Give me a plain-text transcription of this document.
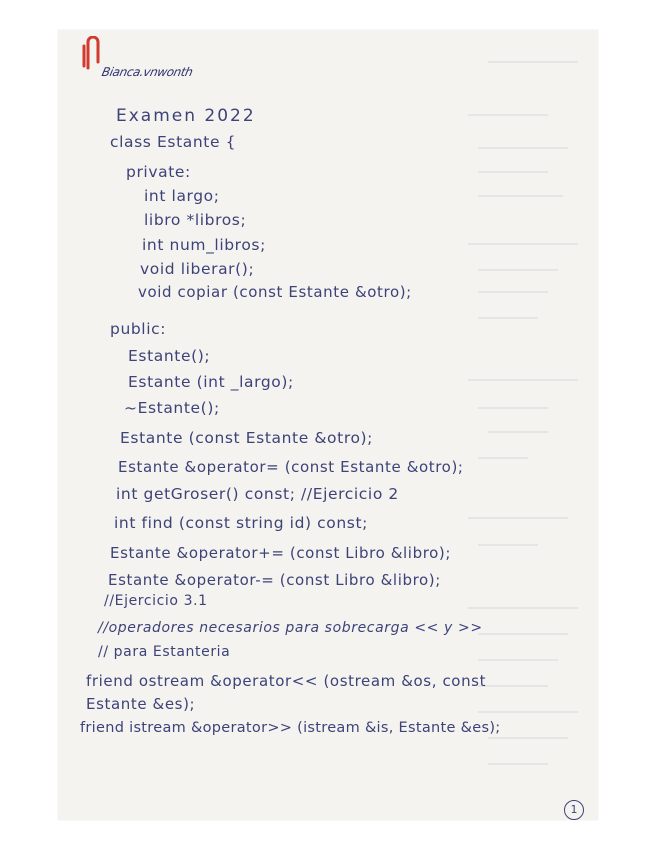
Bianca.vnwonth
Examen 2022
class Estante {
private:
int largo;
libro *libros;
int num_libros;
void liberar();
void copiar (const Estante &otro);
public:
Estante();
Estante (int _largo);
~Estante();
Estante (const Estante &otro);
Estante &operator= (const Estante &otro);
int getGroser() const; //Ejercicio 2
int find (const string id) const;
Estante &operator+= (const Libro &libro);
Estante &operator-= (const Libro &libro);
//Ejercicio 3.1
//operadores necesarios para sobrecarga << y >>
// para Estanteria
friend ostream &operator<< (ostream &os, const
Estante &es);
friend istream &operator>> (istream &is, Estante &es);
1
